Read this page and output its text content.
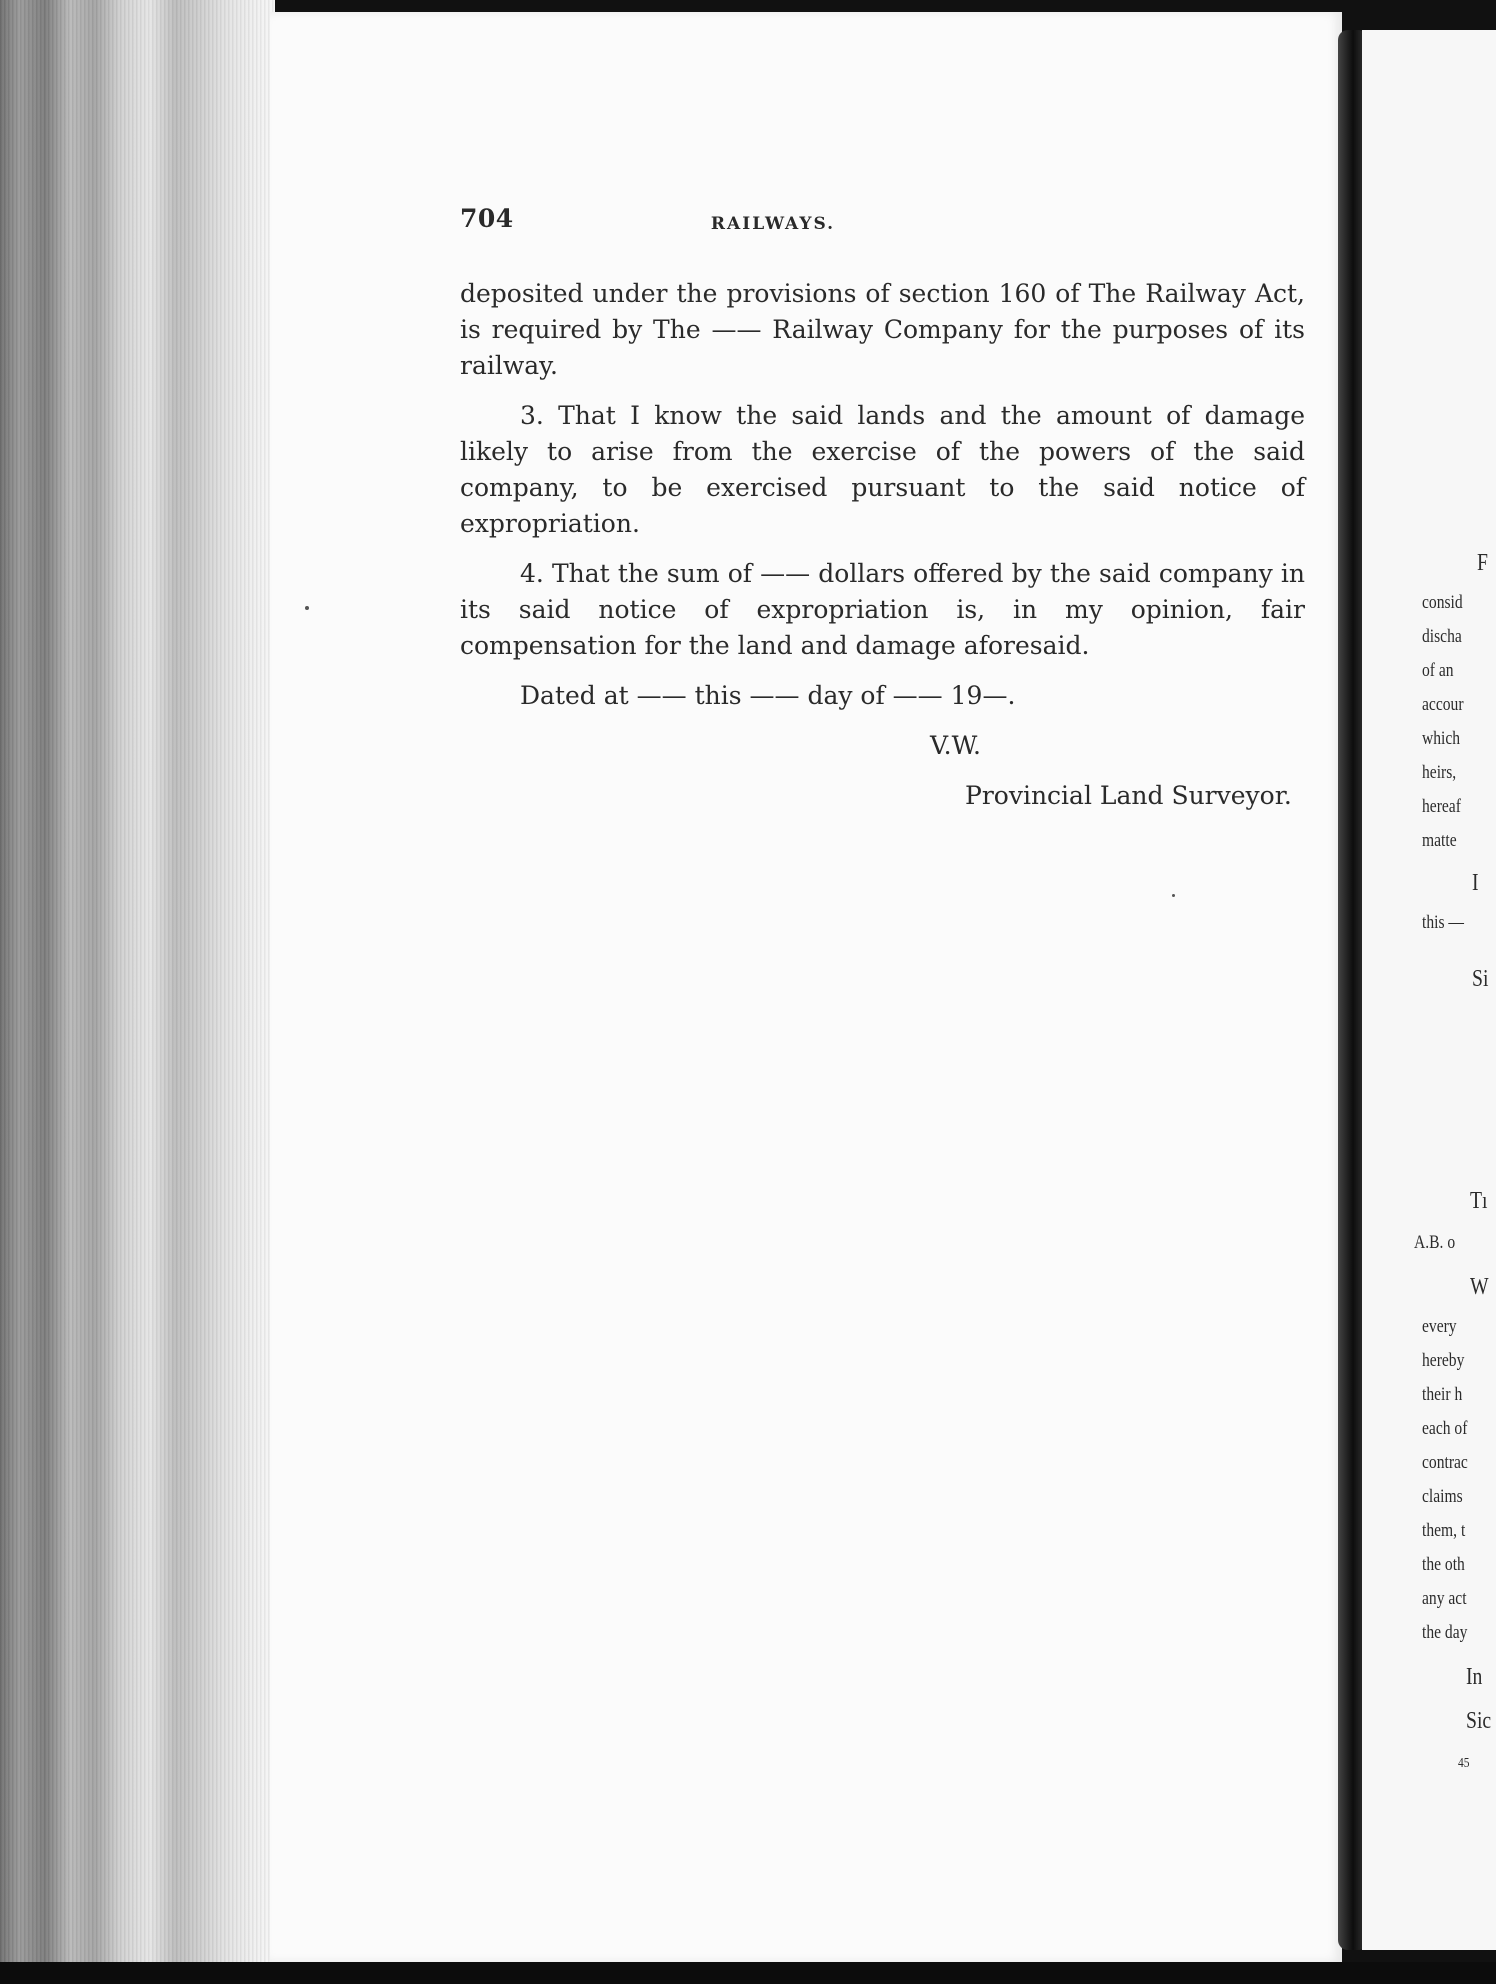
F
consid
discha
of an
accour
which
heirs,
hereaf
matte
I
this —
Si
Tı
A.B. o
W
every
hereby
their h
each of
contrac
claims
them, t
the oth
any act
the day
In
Sic
45
704	RAILWAYS.

deposited under the provisions of section 160 of The Railway Act, is required by The —— Railway Company for the purposes of its railway.

3. That I know the said lands and the amount of damage likely to arise from the exercise of the powers of the said company, to be exercised pursuant to the said notice of expropriation.

4. That the sum of —— dollars offered by the said company in its said notice of expropriation is, in my opinion, fair compensation for the land and damage aforesaid.

Dated at —— this —— day of —— 19—.

V.W.

Provincial Land Surveyor.
